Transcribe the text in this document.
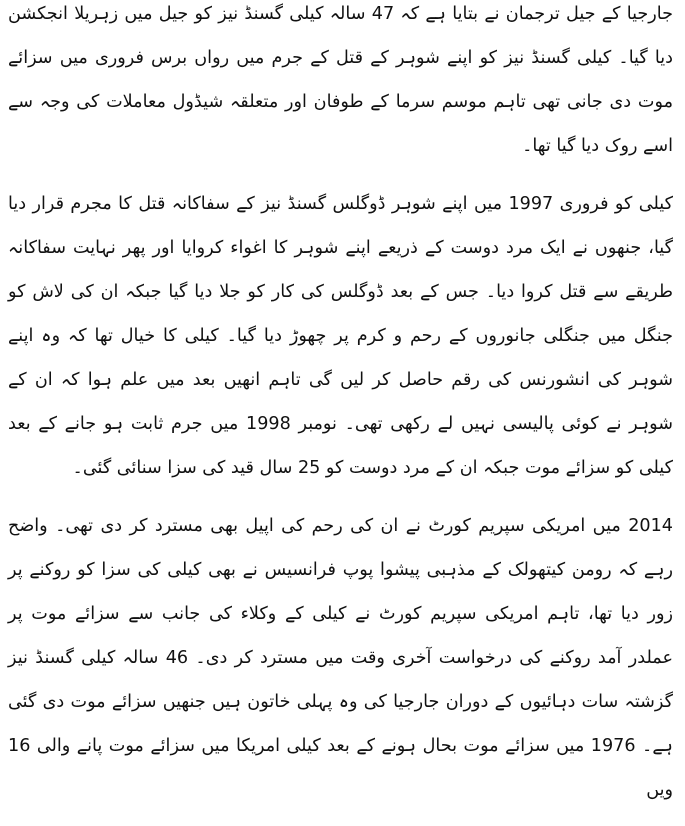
جارجیا کے جیل ترجمان نے بتایا ہے کہ 47 سالہ کیلی گسنڈ نیز کو جیل میں زہریلا انجکشن دیا گیا۔ کیلی گسنڈ نیز کو اپنے شوہر کے قتل کے جرم میں رواں برس فروری میں سزائے موت دی جانی تھی تاہم موسم سرما کے طوفان اور متعلقہ شیڈول معاملات کی وجہ سے اسے روک دیا گیا تھا۔

کیلی کو فروری 1997 میں اپنے شوہر ڈوگلس گسنڈ نیز کے سفاکانہ قتل کا مجرم قرار دیا گیا، جنھوں نے ایک مرد دوست کے ذریعے اپنے شوہر کا اغواء کروایا اور پھر نہایت سفاکانہ طریقے سے قتل کروا دیا۔ جس کے بعد ڈوگلس کی کار کو جلا دیا گیا جبکہ ان کی لاش کو جنگل میں جنگلی جانوروں کے رحم و کرم پر چھوڑ دیا گیا۔ کیلی کا خیال تھا کہ وہ اپنے شوہر کی انشورنس کی رقم حاصل کر لیں گی تاہم انھیں بعد میں علم ہوا کہ ان کے شوہر نے کوئی پالیسی نہیں لے رکھی تھی۔ نومبر 1998 میں جرم ثابت ہو جانے کے بعد کیلی کو سزائے موت جبکہ ان کے مرد دوست کو 25 سال قید کی سزا سنائی گئی۔

2014 میں امریکی سپریم کورٹ نے ان کی رحم کی اپیل بھی مسترد کر دی تھی۔ واضح رہے کہ رومن کیتھولک کے مذہبی پیشوا پوپ فرانسیس نے بھی کیلی کی سزا کو روکنے پر زور دیا تھا، تاہم امریکی سپریم کورٹ نے کیلی کے وکلاء کی جانب سے سزائے موت پر عملدر آمد روکنے کی درخواست آخری وقت میں مسترد کر دی۔ 46 سالہ کیلی گسنڈ نیز گزشتہ سات دہائیوں کے دوران جارجیا کی وہ پہلی خاتون ہیں جنھیں سزائے موت دی گئی ہے۔ 1976 میں سزائے موت بحال ہونے کے بعد کیلی امریکا میں سزائے موت پانے والی 16 ویں
